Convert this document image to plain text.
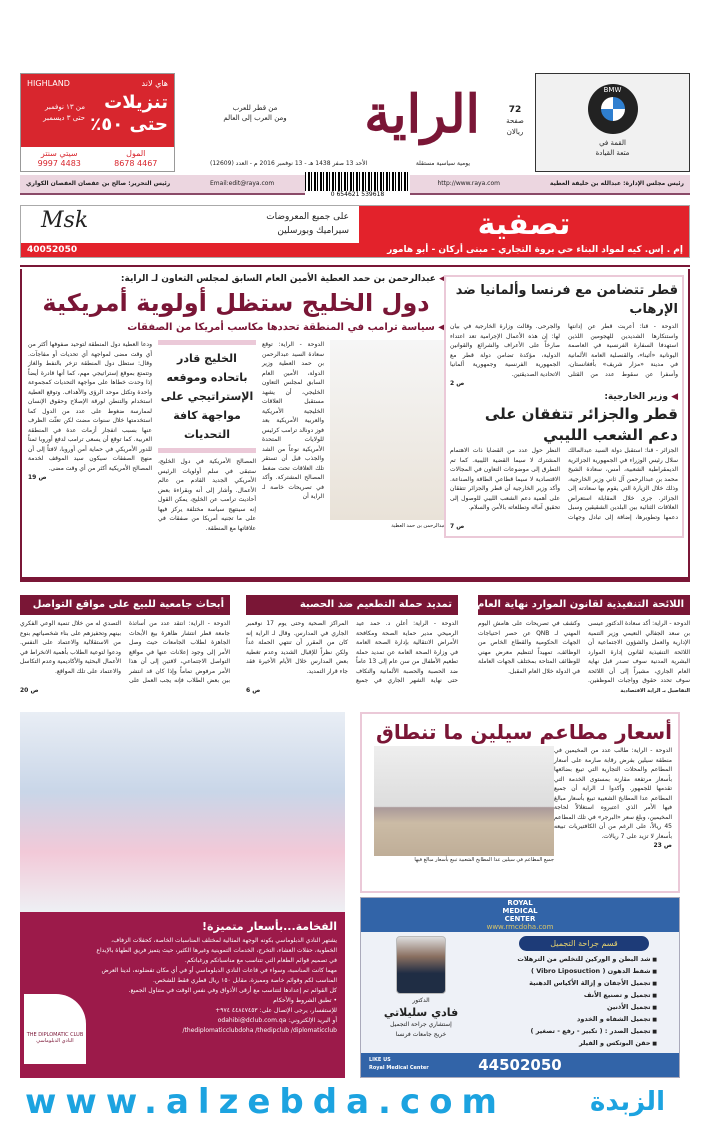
HIGHLAND	هاي لاند
تنزيلات
حتى ٥٠٪
من ١٣ نوفمبر
حتى ٣ ديسمبر
المول
4467 8678
سيتي سنتر
4483 9997
الراية
من قطر للعرب
ومن العرب إلى العالم
يومية سياسية مستقلة
الأحد 13 صفر 1438 هـ - 13 نوفمبر 2016 م - العدد (12609)
72
صفحة
ريالان
BMW
القمة في
متعة القيادة
رئيس مجلس الإدارة: عبدالله بن خليفة العطية
http://www.raya.com
0 654621 539618
Email:edit@raya.com
رئيس التحرير: صالح بن عفصان العفصان الكواري
تصفية
على جميع المعروضات
سيراميك وبورسلين
Msk
إم . إس. كيه لمواد البناء حي بروة التجاري - مبنى أركان - أبو هامور
40052050
◀ عبدالرحمن بن حمد العطية الأمين العام السابق لمجلس التعاون لـ الراية:
دول الخليج ستظل أولوية أمريكية
◀ سياسة ترامب في المنطقة تحددها مكاسب أمريكا من الصفقات
عبدالرحمن بن حمد العطية
الدوحة - الراية: توقع سعادة السيد عبدالرحمن بن حمد العطية وزير الدولة، الأمين العام السابق لمجلس التعاون الخليجي، أن يشهد مستقبل العلاقات الخليجية الأمريكية والعربية الأمريكية بعد فوز دونالد ترامب كرئيس للولايات المتحدة الأمريكية نوعاً من الشد والجذب قبل أن تستقر تلك العلاقات تحت ضغط المصالح المشتركة. وأكد في تصريحات خاصة لـ الراية أن
الخليج قادر باتحاده وموقعه الإستراتيجي على مواجهة كافة التحديات
المصالح الأمريكية في دول الخليج، ستبقى في سلم أولويات الرئيس الأمريكي الجديد القادم من عالم الأعمال. وأشار إلى أنه وبقراءة بعض أحاديث ترامب عن الخليج، يمكن القول إنه سينتهج سياسة مختلفة يركز فيها على ما تجنيه أمريكا من صفقات في علاقاتها مع المنطقة.
ودعا العطية دول المنطقة لتوحيد صفوفها أكثر من أي وقت مضى لمواجهة أي تحديات أو مفاجآت. وقال: ستظل دول المنطقة تزخر بالنفط والغاز وتتمتع بموقع إستراتيجي مهم، كما أنها قادرة أيضاً إذا وحدت خطاها على مواجهة التحديات كمجموعة واحدة وتكتل موحد الرؤى والأهداف. وتوقع العطية استخدام والتنطن لورقة الإصلاح وحقوق الإنسان لممارسة ضغوط على عدد من الدول كما استخدمتها خلال سنوات مضت لكن تعثّت الظرف عنها بسبب انفجار أزمات عدة في المنطقة العربية. كما توقع أن يسعى ترامب لدفع أوروبا ثمناً للدور الأمريكي في حماية أمن أوروبا، لافتاً إلى أن منهج الصفقات سيكون سيد الموقف لخدمة المصالح الأمريكية أكثر من أي وقت مضى.
ص 19
قطر تتضامن مع فرنسا وألمانيا ضد الإرهاب
الدوحة - قنا: أعربت قطر عن إدانتها واستنكارها الشديدين للهجومين اللذين استهدفا السفارة الفرنسية في العاصمة اليونانية «أثينا»، والقنصلية العامة الألمانية في مدينة «مزار شريف» بأفغانستان، وأسفرا عن سقوط عدد من القتلى والجرحى. وقالت وزارة الخارجية في بيان لها: إن هذه الأعمال الإجرامية تعد اعتداء صارخاً على الأعراف والشرائع والقوانين الدولية، مؤكدة تضامن دولة قطر مع الجمهورية الفرنسية وجمهورية ألمانيا الاتحادية الصديقتين.
ص 2
◀ وزير الخارجية:
قطر والجزائر تتفقان على دعم الشعب الليبي
الجزائر - قنا: استقبل دولة السيد عبدالمالك سلال رئيس الوزراء في الجمهورية الجزائرية الديمقراطية الشعبية، أمس، سعادة الشيخ محمد بن عبدالرحمن آل ثاني وزير الخارجية، وذلك خلال الزيارة التي يقوم بها سعادته إلى الجزائر. جرى خلال المقابلة استعراض العلاقات الثنائية بين البلدين الشقيقين وسبل دعمها وتطويرها، إضافة إلى تبادل وجهات النظر حول عدد من القضايا ذات الاهتمام المشترك لا سيما القضية الليبية. كما تم التطرق إلى موضوعات التعاون في المجالات الاقتصادية لا سيما قطاعي الطاقة والصناعة. وأكد وزير الخارجية أن قطر والجزائر تتفقان على أهمية دعم الشعب الليبي للوصول إلى تحقيق آماله وتطلعاته بالأمن والسلام.
ص 7
اللائحة التنفيذية لقانون الموارد نهاية العام
الدوحة - الراية: أكد سعادة الدكتور عيسى بن سعد الجفالي النعيمي وزير التنمية الإدارية والعمل والشؤون الاجتماعية أن اللائحة التنفيذية لقانون إدارة الموارد البشرية المدنية سوف تصدر قبل نهاية العام الجاري، مشيراً إلى أن اللائحة سوف تحدد حقوق وواجبات الموظفين. وكشف في تصريحات على هامش اليوم المهني لـ QNB عن حصر احتياجات الجهات الحكومية والقطاع الخاص من الوظائف، تمهيداً لتنظيم معرض مهني للوظائف المتاحة بمختلف الجهات العاملة في الدولة خلال العام المقبل.
التفاصيل بـ الراية الاقتصادية
تمديد حملة التطعيم ضد الحصبة
الدوحة - الراية: أعلن د. حمد عيد الرميحي مدير حماية الصحة ومكافحة الأمراض الانتقالية بإدارة الصحة العامة في وزارة الصحة العامة عن تمديد حملة تطعيم الأطفال من سن عام إلى 13 عاماً ضد الحصبة والحصبة الألمانية والنكاف حتى نهاية الشهر الجاري في جميع المراكز الصحية وحتى يوم 17 نوفمبر الجاري في المدارس. وقال لـ الراية إنه كان من المقرر أن تنتهي الحملة غداً ولكن نظراً للإقبال الشديد وعدم تغطية بعض المدارس خلال الأيام الأخيرة فقد جاء قرار التمديد.
ص 6
أبحاث جامعية للبيع على مواقع التواصل
الدوحة - الراية: انتقد عدد من أساتذة جامعة قطر انتشار ظاهرة بيع الأبحاث الجاهزة لطلاب الجامعات حيث وصل الأمر إلى وجود إعلانات عنها في مواقع التواصل الاجتماعي، لافتين إلى أن هذا الأمر مرفوض تماماً وإذا كان قد انتشر بين بعض الطلاب فإنه يجب العمل على التصدي له من خلال تنمية الوعي الفكري بينهم وتحفيزهم على بناء شخصياتهم بنوع من الاستقلالية والاعتماد على النفس. ودعوا لتوعية الطلاب بأهمية الانخراط في الأعمال البحثية والأكاديمية وعدم التكاسل والاعتماد على تلك المواقع.
ص 20
الفخامة...بأسعار متميزة!

يشتهر النادي الدبلوماسي بكونه الوجهة المثالية لمختلف المناسبات الخاصة، كحفلات الزفاف، الخطوبة، حفلات العشاء، التخرج، الخدمات التموينية وغيرها الكثير، حيث يتميز فريق الطهاة بالإبداع في تصميم قوائم الطعام التي تتناسب مع مناسباتكم ورغباتكم.

مهما كانت المناسبة، وسواء في قاعات النادي الدبلوماسي أو في أي مكان تفضلونه، لدينا العرض المناسب لكم وقوائم خاصة ومميزة، مقابل ١٥٠ ريال قطري فقط للشخص.

كل القوائم تم إعدادها لتتناسب مع أرقى الأذواق وفي نفس الوقت في متناول الجميع.

• تطبق الشروط والأحكام

للإستفسار، يرجى الإتصال على: ٤٤٨٤٧٤٥٣ ٩٧٤+

أو البريد الإلكتروني: odahibi@dclub.com.qa

/thediplomaticclubdoha /thedipclub /diplomaticclub

THE DIPLOMATIC CLUB
النادي الدبلوماسي
أسعار مطاعم سيلين ما تنطاق
جميع المطاعم في سيلين عدا المطابخ الشعبية تبيع بأسعار مبالغ فيها
الدوحة - الراية: طالب عدد من المخيمين في منطقة سيلين بفرض رقابة صارمة على أسعار المطاعم والمحلات التجارية التي تبيع بضائعها بأسعار مرتفعة مقارنة بمستوى الخدمة التي تقدمها للجمهور. وأكدوا لـ الراية أن جميع المطاعم عدا المطابخ الشعبية تبيع بأسعار مبالغ فيها الأمر الذي اعتبروه استغلالاً لحاجة المخيمين، وبلغ سعر «البرجر» في تلك المطاعم 45 ريالاً، على الرغم من أن الكافتيريات تبيعه بأسعار لا تزيد على 7 ريالات.
ص 23
ROYAL
MEDICAL
CENTER
www.rmcdoha.com
قسم جراحة التجميل
■ شد البطن و الوركين للتخلص من الترهلات
■ شفط الدهون ( Vibro Liposuction )
■ تجميل الأجفان و إزالة الأكياس الدهنية
■ تجميل و تصنيع الأنف
■ تجميل الأذنين
■ تجميل الشفاه و الخدود
■ تجميل الصدر : ( تكبير - رفع - تصغير )
■ حقن البوتكس و الفيلر
الدكتور
فادي سليلاتي
إستشاري جراحة التجميل
خريج جامعات فرنسا
LIKE US
Royal Medical Center	44502050
www.alzebda.com	الزبدة
